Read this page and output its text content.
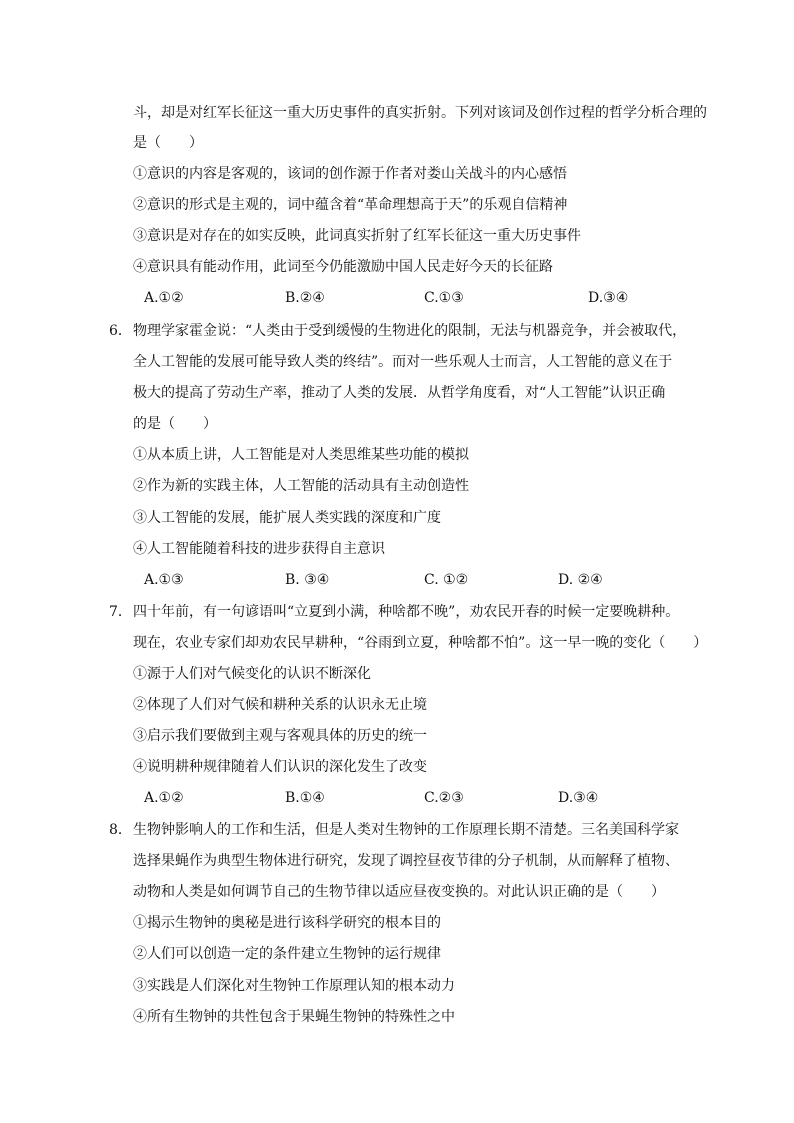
斗，却是对红军长征这一重大历史事件的真实折射。下列对该词及创作过程的哲学分析合理的
是（　　）
①意识的内容是客观的，该词的创作源于作者对娄山关战斗的内心感悟
②意识的形式是主观的，词中蕴含着“革命理想高于天”的乐观自信精神
③意识是对存在的如实反映，此词真实折射了红军长征这一重大历史事件
④意识具有能动作用，此词至今仍能激励中国人民走好今天的长征路
A.①②	B.②④	C.①③	D.③④
6． 物理学家霍金说：“人类由于受到缓慢的生物进化的限制，无法与机器竞争，并会被取代，
全人工智能的发展可能导致人类的终结”。而对一些乐观人士而言，人工智能的意义在于
极大的提高了劳动生产率，推动了人类的发展．从哲学角度看，对“人工智能”认识正确
的是（　　）
①从本质上讲，人工智能是对人类思维某些功能的模拟
②作为新的实践主体，人工智能的活动具有主动创造性
③人工智能的发展，能扩展人类实践的深度和广度
④人工智能随着科技的进步获得自主意识
A.①③	B. ③④	C. ①②	D. ②④
7． 四十年前，有一句谚语叫“立夏到小满，种啥都不晚”，劝农民开春的时候一定要晚耕种。
现在，农业专家们却劝农民早耕种，“谷雨到立夏，种啥都不怕”。这一早一晚的变化（　　）
①源于人们对气候变化的认识不断深化
②体现了人们对气候和耕种关系的认识永无止境
③启示我们要做到主观与客观具体的历史的统一
④说明耕种规律随着人们认识的深化发生了改变
A.①②	B.①④	C.②③	D.③④
8． 生物钟影响人的工作和生活，但是人类对生物钟的工作原理长期不清楚。三名美国科学家
选择果蝇作为典型生物体进行研究，发现了调控昼夜节律的分子机制，从而解释了植物、
动物和人类是如何调节自己的生物节律以适应昼夜变换的。对此认识正确的是（　　）
①揭示生物钟的奥秘是进行该科学研究的根本目的
②人们可以创造一定的条件建立生物钟的运行规律
③实践是人们深化对生物钟工作原理认知的根本动力
④所有生物钟的共性包含于果蝇生物钟的特殊性之中
